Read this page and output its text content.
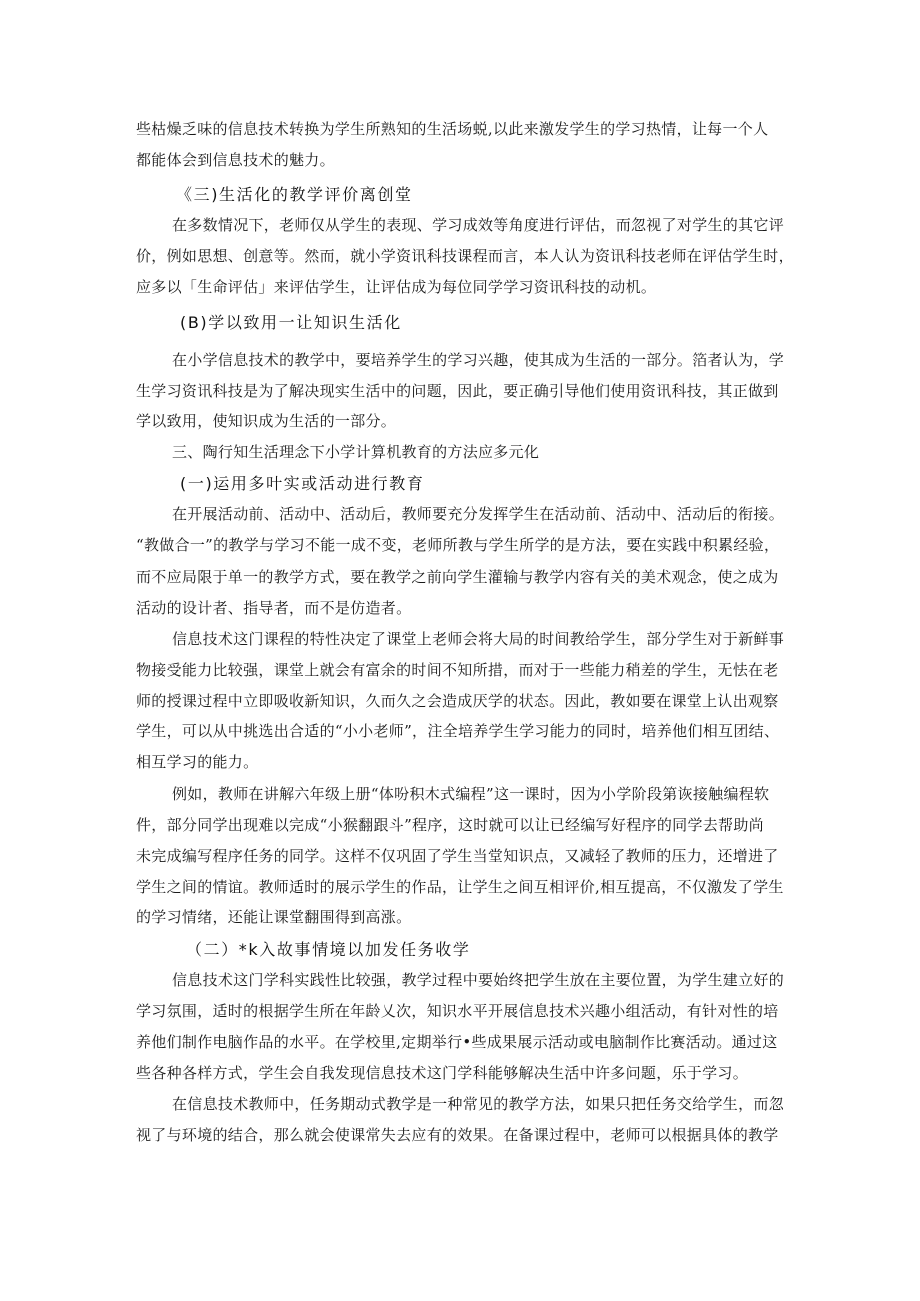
些枯燥乏味的信息技术转换为学生所熟知的生活场蜕,以此来激发学生的学习热情，让每一个人
都能体会到信息技术的魅力。
《三)生活化的教学评价离创堂
在多数情况下，老师仅从学生的表现、学习成效等角度进行评估，而忽视了对学生的其它评
价，例如思想、创意等。然而，就小学资讯科技课程而言，本人认为资讯科技老师在评估学生时，
应多以「生命评估」来评估学生，让评估成为每位同学学习资讯科技的动机。
(B)学以致用一让知识生活化
在小学信息技术的教学中，要培养学生的学习兴趣，使其成为生活的一部分。箔者认为，学
生学习资讯科技是为了解决现实生活中的问题，因此，要正确引导他们使用资讯科技，其正做到
学以致用，使知识成为生活的一部分。
三、陶行知生活理念下小学计算机教育的方法应多元化
(一)运用多叶实或活动进行教育
在开展活动前、活动中、活动后，教师要充分发挥学生在活动前、活动中、活动后的衔接。
“教做合一”的教学与学习不能一成不变，老师所教与学生所学的是方法，要在实践中积累经验，
而不应局限于单一的教学方式，要在教学之前向学生灌输与教学内容有关的美术观念，使之成为
活动的设计者、指导者，而不是仿造者。
信息技术这门课程的特性决定了课堂上老师会将大局的时间教给学生，部分学生对于新鲜事
物接受能力比较强，课堂上就会有富余的时间不知所措，而对于一些能力稍差的学生，无怯在老
师的授课过程中立即吸收新知识，久而久之会造成厌学的状态。因此，教如要在课堂上认出观察
学生，可以从中挑选出合适的“小小老师”，注全培养学生学习能力的同时，培养他们相互团结、
相互学习的能力。
例如，教师在讲解六年级上册“体吩积木式编程”这一课时，因为小学阶段第诙接触编程软
件，部分同学出现难以完成“小猴翻跟斗”程序，这时就可以让已经编写好程序的同学去帮助尚
未完成编写程序任务的同学。这样不仅巩固了学生当堂知识点，又减轻了教师的压力，还增进了
学生之间的情谊。教师适时的展示学生的作品，让学生之间互相评价,相互提高，不仅激发了学生
的学习情绪，还能让课堂翻围得到高涨。
（二）*k入故事情境以加发任务收学
信息技术这门学科实践性比较强，教学过程中要始终把学生放在主要位置，为学生建立好的
学习氛围，适时的根据学生所在年龄乂次，知识水平开展信息技术兴趣小组活动，有针对性的培
养他们制作电脑作品的水平。在学校里,定期举行•些成果展示活动或电脑制作比赛活动。通过这
些各种各样方式，学生会自我发现信息技术这门学科能够解决生活中许多问题，乐于学习。
在信息技术教师中，任务期动式教学是一种常见的教学方法，如果只把任务交给学生，而忽
视了与环境的结合，那么就会使课常失去应有的效果。在备课过程中，老师可以根据具体的教学
